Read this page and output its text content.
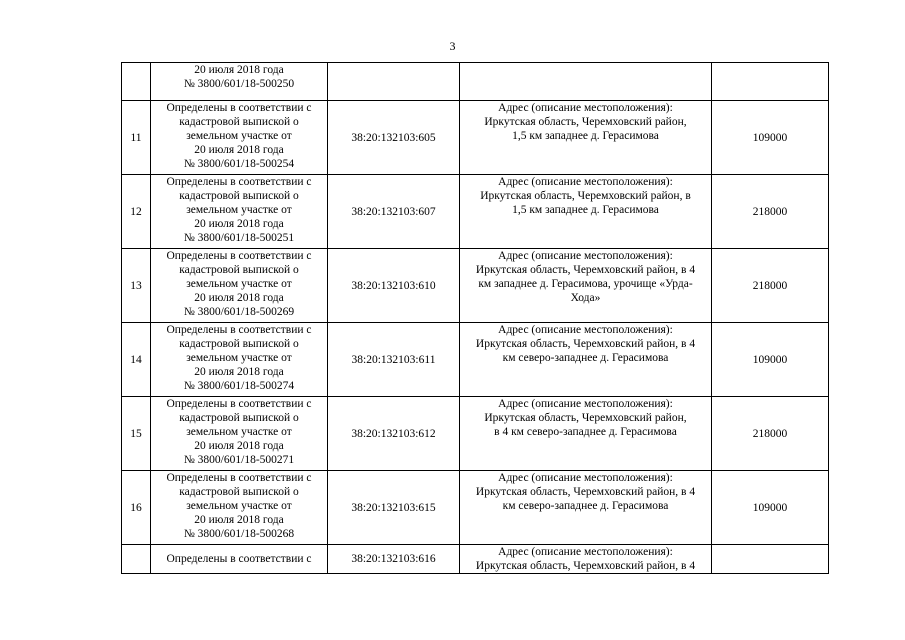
3

	20 июля 2018 года
№ 3800/601/18-500250			

11	Определены в соответствии с
кадастровой выпиской о
земельном участке от
20 июля 2018 года
№ 3800/601/18-500254	38:20:132103:605	Адрес (описание местоположения):
Иркутская область, Черемховский район,
1,5 км западнее д. Герасимова	109000
12	Определены в соответствии с
кадастровой выпиской о
земельном участке от
20 июля 2018 года
№ 3800/601/18-500251	38:20:132103:607	Адрес (описание местоположения):
Иркутская область, Черемховский район, в
1,5 км западнее д. Герасимова	218000
13	Определены в соответствии с
кадастровой выпиской о
земельном участке от
20 июля 2018 года
№ 3800/601/18-500269	38:20:132103:610	Адрес (описание местоположения):
Иркутская область, Черемховский район, в 4
км западнее д. Герасимова, урочище «Урда-
Хода»	218000
14	Определены в соответствии с
кадастровой выпиской о
земельном участке от
20 июля 2018 года
№ 3800/601/18-500274	38:20:132103:611	Адрес (описание местоположения):
Иркутская область, Черемховский район, в 4
км северо-западнее д. Герасимова	109000
15	Определены в соответствии с
кадастровой выпиской о
земельном участке от
20 июля 2018 года
№ 3800/601/18-500271	38:20:132103:612	Адрес (описание местоположения):
Иркутская область, Черемховский район,
в 4 км северо-западнее д. Герасимова	218000
16	Определены в соответствии с
кадастровой выпиской о
земельном участке от
20 июля 2018 года
№ 3800/601/18-500268	38:20:132103:615	Адрес (описание местоположения):
Иркутская область, Черемховский район, в 4
км северо-западнее д. Герасимова	109000

	Определены в соответствии с	38:20:132103:616	Адрес (описание местоположения):
Иркутская область, Черемховский район, в 4	
